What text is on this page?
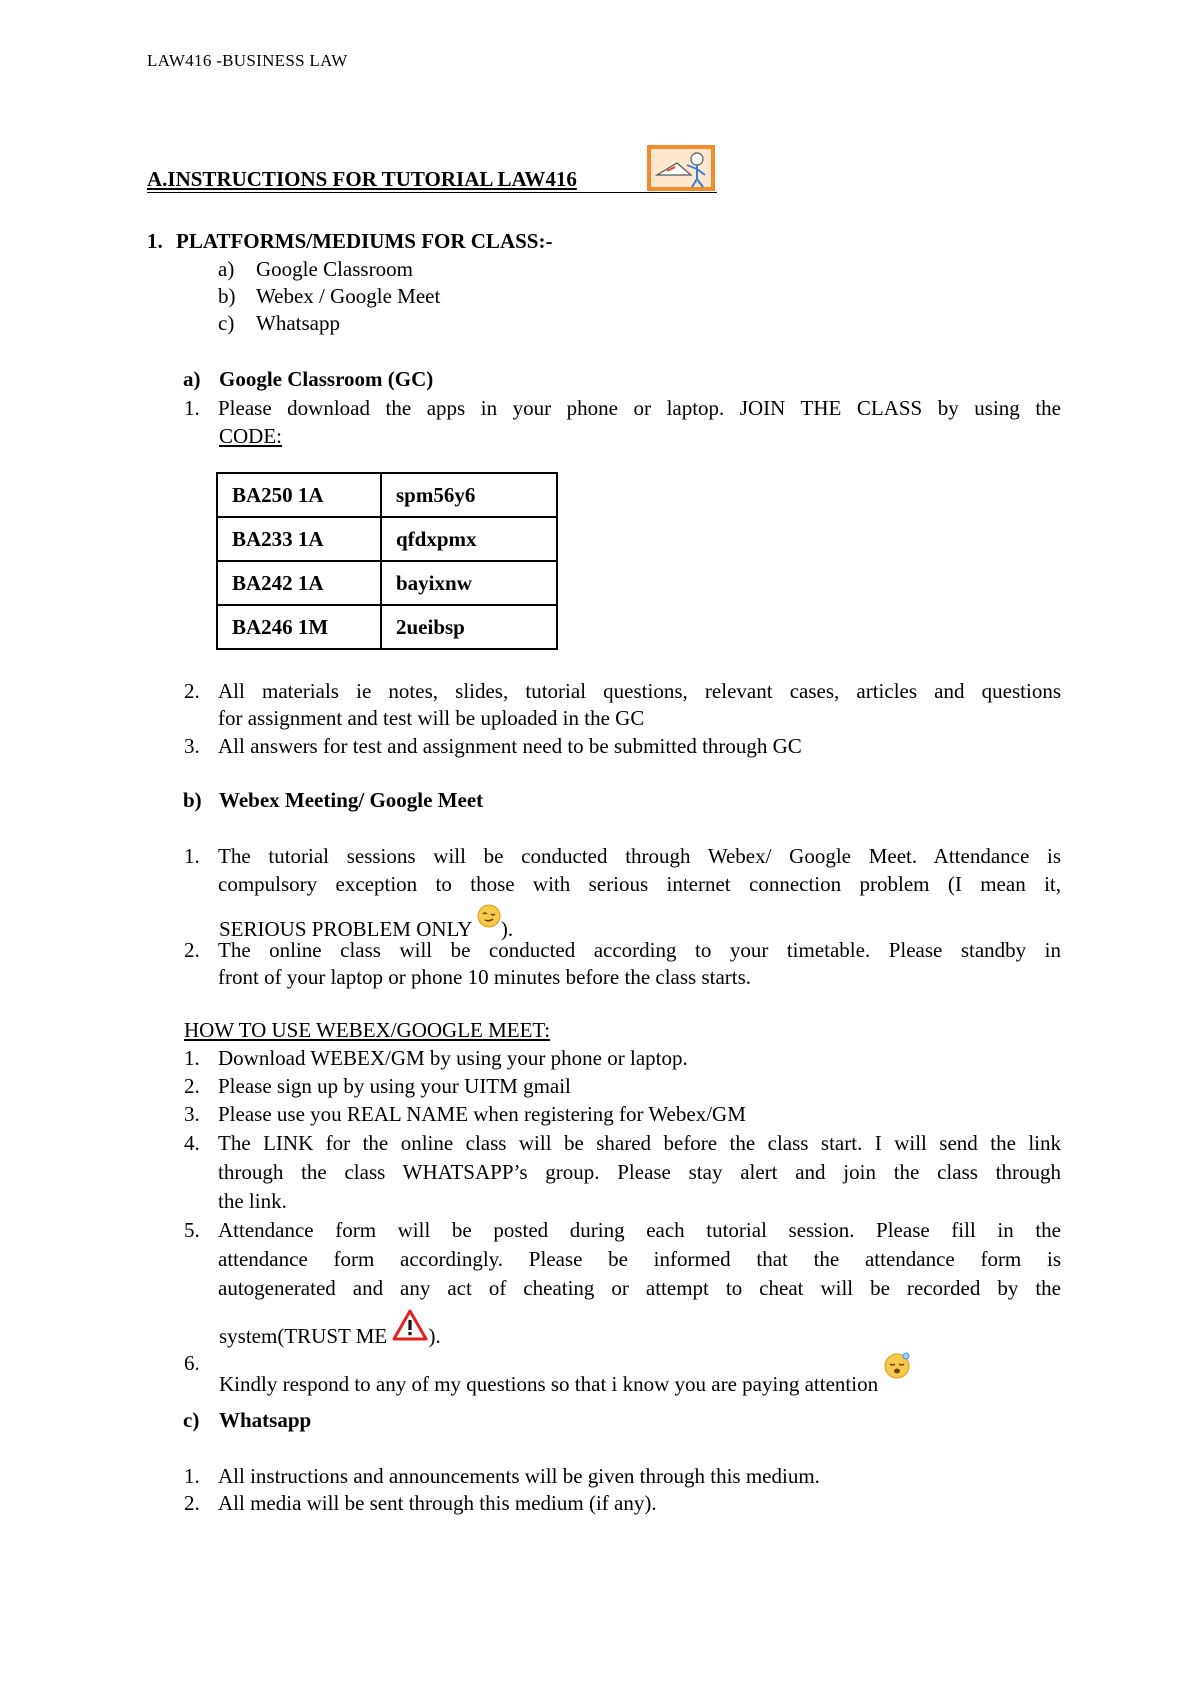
LAW416 -BUSINESS LAW
A.INSTRUCTIONS FOR TUTORIAL LAW416
1. PLATFORMS/MEDIUMS FOR CLASS:-
a) Google Classroom
b) Webex / Google Meet
c) Whatsapp
a) Google Classroom (GC)
1. Please download the apps in your phone or laptop. JOIN THE CLASS by using the
CODE:
BA250 1A	spm56y6
BA233 1A	qfdxpmx
BA242 1A	bayixnw
BA246 1M	2ueibsp
2. All materials ie notes, slides, tutorial questions, relevant cases, articles and questions
for assignment and test will be uploaded in the GC
3. All answers for test and assignment need to be submitted through GC
b) Webex Meeting/ Google Meet
1. The tutorial sessions will be conducted through Webex/ Google Meet. Attendance is
compulsory exception to those with serious internet connection problem (I mean it,
SERIOUS PROBLEM ONLY ).
2. The online class will be conducted according to your timetable. Please standby in
front of your laptop or phone 10 minutes before the class starts.
HOW TO USE WEBEX/GOOGLE MEET:
1. Download WEBEX/GM by using your phone or laptop.
2. Please sign up by using your UITM gmail
3. Please use you REAL NAME when registering for Webex/GM
4. The LINK for the online class will be shared before the class start. I will send the link
through the class WHATSAPP’s group. Please stay alert and join the class through
the link.
5. Attendance form will be posted during each tutorial session. Please fill in the
attendance form accordingly. Please be informed that the attendance form is
autogenerated and any act of cheating or attempt to cheat will be recorded by the
system(TRUST ME ).
6.
Kindly respond to any of my questions so that i know you are paying attention
c) Whatsapp
1. All instructions and announcements will be given through this medium.
2. All media will be sent through this medium (if any).
